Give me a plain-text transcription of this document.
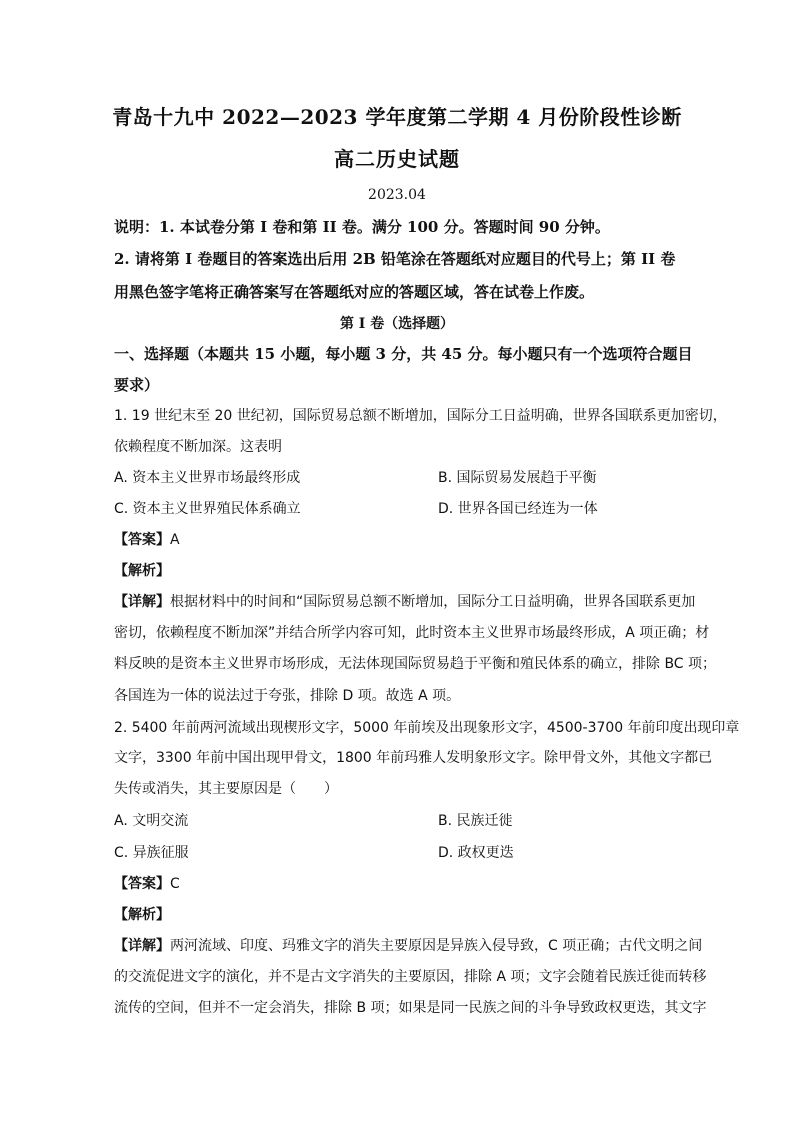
青岛十九中 2022—2023 学年度第二学期 4 月份阶段性诊断
高二历史试题
2023.04
说明：1. 本试卷分第 I 卷和第 II 卷。满分 100 分。答题时间 90 分钟。
2. 请将第 I 卷题目的答案选出后用 2B 铅笔涂在答题纸对应题目的代号上；第 II 卷
用黑色签字笔将正确答案写在答题纸对应的答题区域，答在试卷上作废。
第 I 卷（选择题）
一、选择题（本题共 15 小题，每小题 3 分，共 45 分。每小题只有一个选项符合题目
要求）
1. 19 世纪末至 20 世纪初，国际贸易总额不断增加，国际分工日益明确，世界各国联系更加密切，
依赖程度不断加深。这表明
A. 资本主义世界市场最终形成	B. 国际贸易发展趋于平衡
C. 资本主义世界殖民体系确立	D. 世界各国已经连为一体
【答案】A
【解析】
【详解】根据材料中的时间和“国际贸易总额不断增加，国际分工日益明确，世界各国联系更加
密切，依赖程度不断加深”并结合所学内容可知，此时资本主义世界市场最终形成，A 项正确；材
料反映的是资本主义世界市场形成，无法体现国际贸易趋于平衡和殖民体系的确立，排除 BC 项；
各国连为一体的说法过于夸张，排除 D 项。故选 A 项。
2. 5400 年前两河流域出现楔形文字，5000 年前埃及出现象形文字，4500-3700 年前印度出现印章
文字，3300 年前中国出现甲骨文，1800 年前玛雅人发明象形文字。除甲骨文外，其他文字都已
失传或消失，其主要原因是（　　）
A. 文明交流	B. 民族迁徙
C. 异族征服	D. 政权更迭
【答案】C
【解析】
【详解】两河流域、印度、玛雅文字的消失主要原因是异族入侵导致，C 项正确；古代文明之间
的交流促进文字的演化，并不是古文字消失的主要原因，排除 A 项；文字会随着民族迁徙而转移
流传的空间，但并不一定会消失，排除 B 项；如果是同一民族之间的斗争导致政权更迭，其文字
